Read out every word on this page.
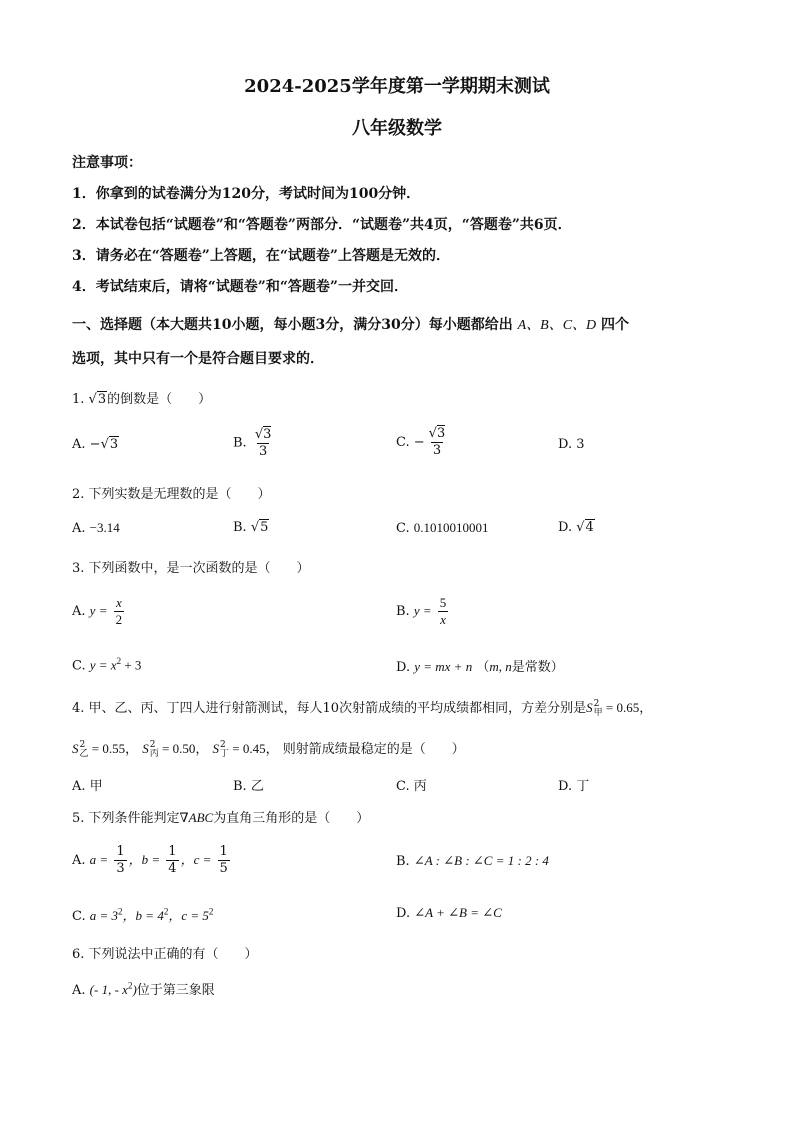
2024-2025学年度第一学期期末测试
八年级数学
注意事项：
1．你拿到的试卷满分为120分，考试时间为100分钟．
2．本试卷包括“试题卷”和“答题卷”两部分．“试题卷”共4页，“答题卷”共6页．
3．请务必在“答题卷”上答题，在“试题卷”上答题是无效的．
4．考试结束后，请将“试题卷”和“答题卷”一并交回．
一、选择题（本大题共10小题，每小题3分，满分30分）每小题都给出 A、B、C、D 四个
选项，其中只有一个是符合题目要求的．
1. √3的倒数是（　　）
A. −√3	B. $\frac{√3}{3}$	C. − $\frac{√3}{3}$	D. 3
2. 下列实数是无理数的是（　　）
A. −3.14	B. √5	C. 0.1010010001	D. √4
3. 下列函数中，是一次函数的是（　　）
A. $y = \frac{x}{2}$	B. $y = \frac{5}{x}$
C. $y = x^2 + 3$	D. y = mx + n （m, n是常数）
4. 甲、乙、丙、丁四人进行射箭测试，每人10次射箭成绩的平均成绩都相同，方差分别是S 2
甲 = 0.65，
S 2
乙 = 0.55， S 2
丙 = 0.50， S 2
丁 = 0.45， 则射箭成绩最稳定的是（　　）
A. 甲	B. 乙	C. 丙	D. 丁
5. 下列条件能判定∇ABC为直角三角形的是（　　）
A. $a = \frac{1}{3}$ ，$b = \frac{1}{4}$ ，$c = \frac{1}{5}$	B. ∠A : ∠B : ∠C = 1 : 2 : 4
C. $a = 3^2$，$b = 4^2$，$c = 5^2$	D. ∠A + ∠B = ∠C
6. 下列说法中正确的有（　　）
A. (- 1, - $x^2$)位于第三象限
